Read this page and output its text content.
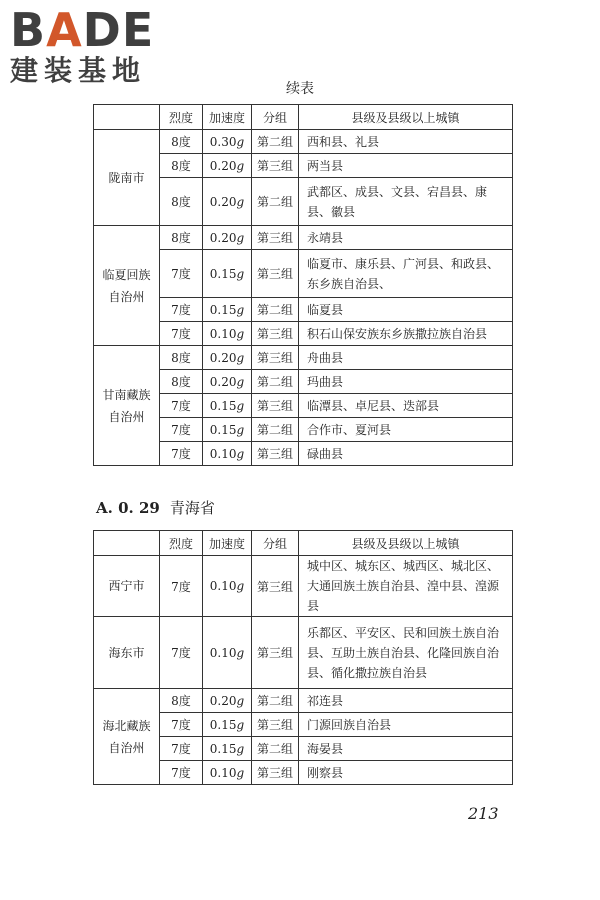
BADE
建装基地
续表
	烈度	加速度	分组	县级及县级以上城镇
陇南市	8度	0.30g	第二组	西和县、礼县
	8度	0.20g	第三组	两当县
	8度	0.20g	第二组	武都区、成县、文县、宕昌县、康县、徽县
临夏回族自治州	8度	0.20g	第三组	永靖县
	7度	0.15g	第三组	临夏市、康乐县、广河县、和政县、东乡族自治县、
	7度	0.15g	第二组	临夏县
	7度	0.10g	第三组	积石山保安族东乡族撒拉族自治县
甘南藏族自治州	8度	0.20g	第三组	舟曲县
	8度	0.20g	第二组	玛曲县
	7度	0.15g	第三组	临潭县、卓尼县、迭部县
	7度	0.15g	第二组	合作市、夏河县
	7度	0.10g	第三组	碌曲县
A. 0. 29 青海省
	烈度	加速度	分组	县级及县级以上城镇
西宁市	7度	0.10g	第三组	城中区、城东区、城西区、城北区、大通回族土族自治县、湟中县、湟源县
海东市	7度	0.10g	第三组	乐都区、平安区、民和回族土族自治县、互助土族自治县、化隆回族自治县、循化撒拉族自治县
海北藏族自治州	8度	0.20g	第二组	祁连县
	7度	0.15g	第三组	门源回族自治县
	7度	0.15g	第二组	海晏县
	7度	0.10g	第三组	刚察县
213
